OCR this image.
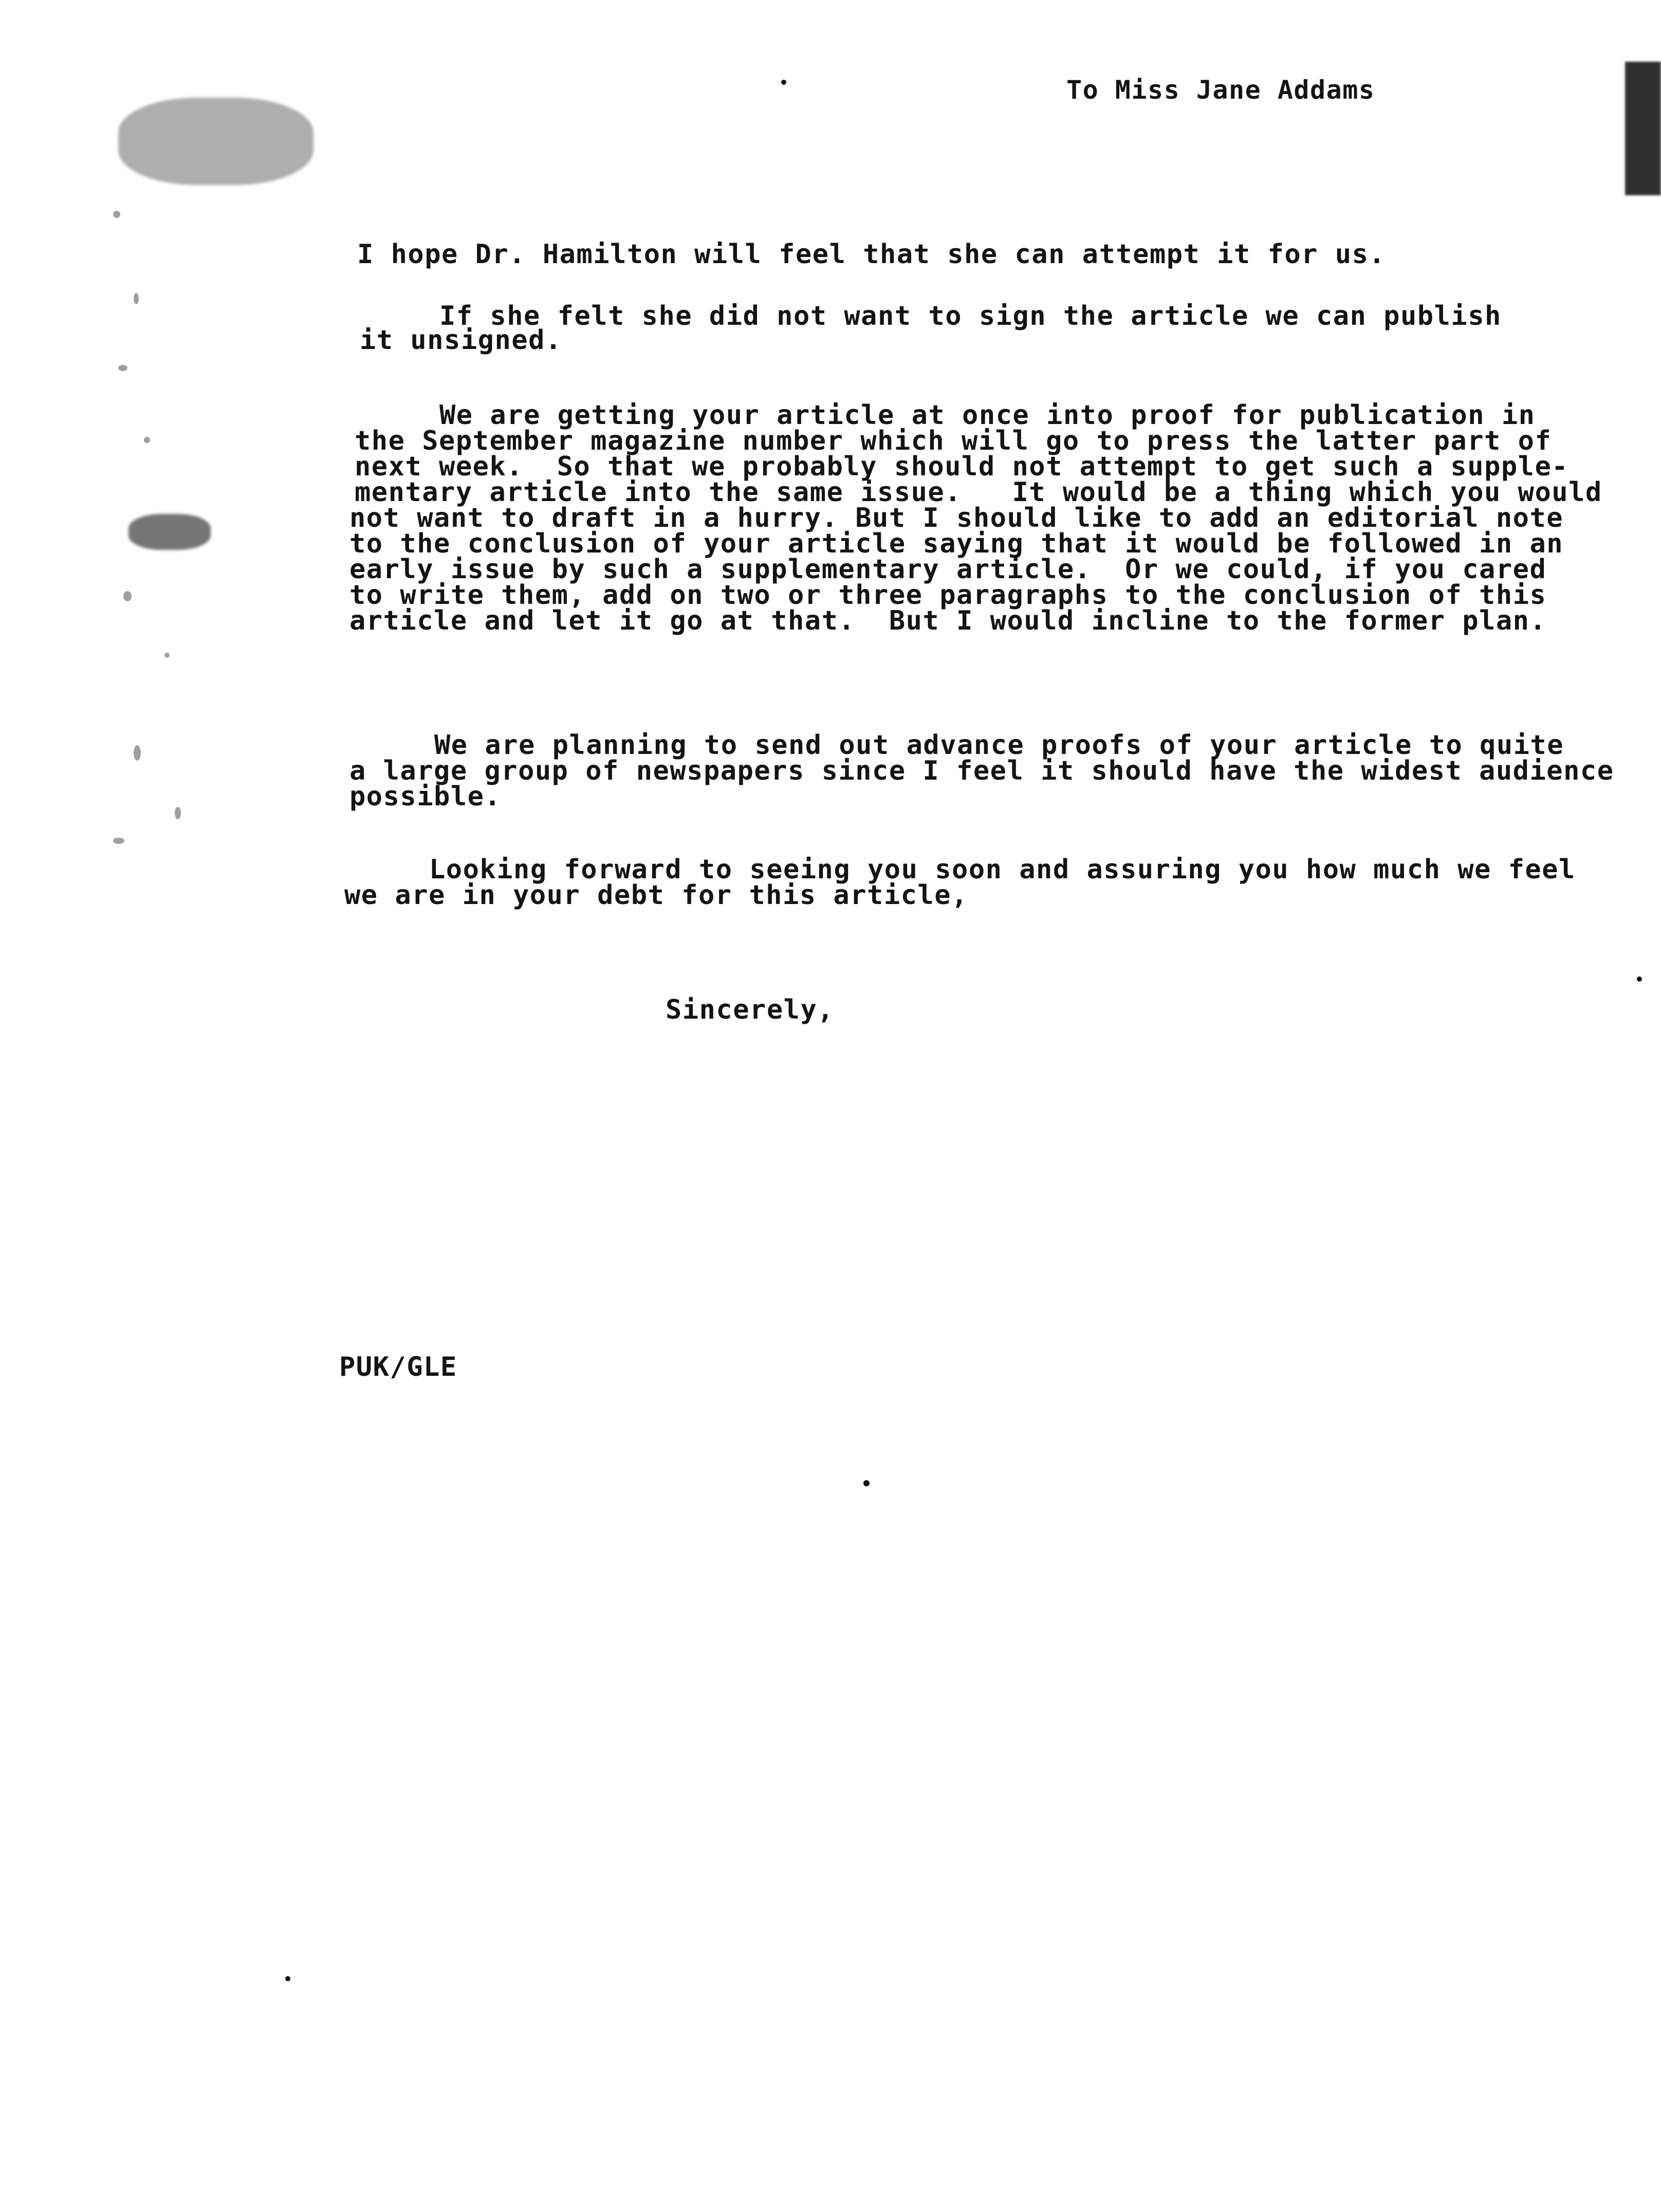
To Miss Jane Addams
I hope Dr. Hamilton will feel that she can attempt it for us.
If she felt she did not want to sign the article we can publish
it unsigned.
We are getting your article at once into proof for publication in
the September magazine number which will go to press the latter part of
next week.  So that we probably should not attempt to get such a supple-
mentary article into the same issue.   It would be a thing which you would
not want to draft in a hurry. But I should like to add an editorial note
to the conclusion of your article saying that it would be followed in an
early issue by such a supplementary article.  Or we could, if you cared
to write them, add on two or three paragraphs to the conclusion of this
article and let it go at that.  But I would incline to the former plan.
We are planning to send out advance proofs of your article to quite
a large group of newspapers since I feel it should have the widest audience
possible.
Looking forward to seeing you soon and assuring you how much we feel
we are in your debt for this article,
Sincerely,
PUK/GLE
